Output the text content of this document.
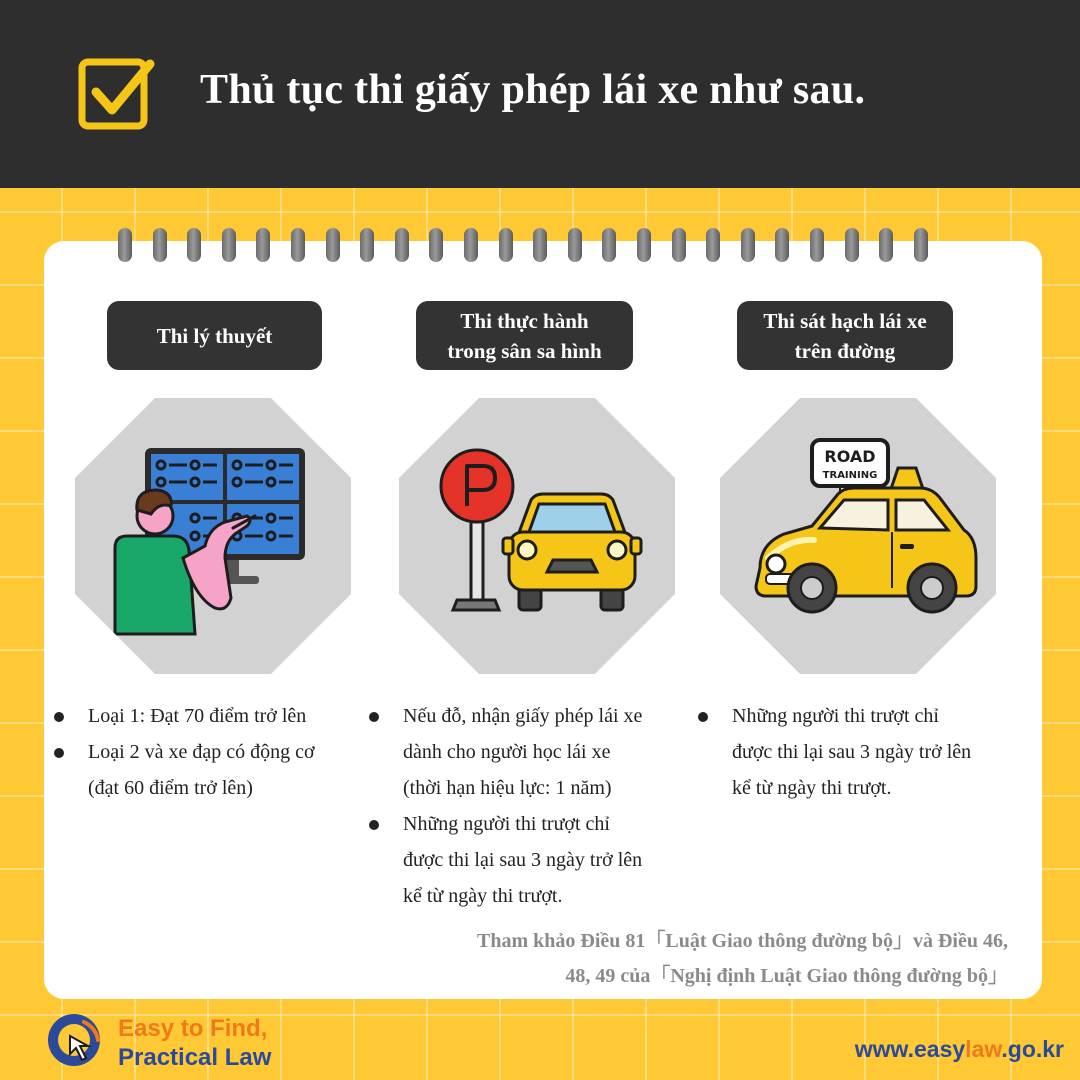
Thủ tục thi giấy phép lái xe như sau.
Thi lý thuyết
Loại 1: Đạt 70 điểm trở lên
Loại 2 và xe đạp có động cơ
(đạt 60 điểm trở lên)
Thi thực hành
trong sân sa hình
Nếu đỗ, nhận giấy phép lái xe
dành cho người học lái xe
(thời hạn hiệu lực: 1 năm)
Những người thi trượt chỉ
được thi lại sau 3 ngày trở lên
kể từ ngày thi trượt.
Thi sát hạch lái xe
trên đường
ROAD
TRAINING
Những người thi trượt chỉ
được thi lại sau 3 ngày trở lên
kể từ ngày thi trượt.
Tham khảo Điều 81「Luật Giao thông đường bộ」và Điều 46,
48, 49 của「Nghị định Luật Giao thông đường bộ」
Easy to Find,
Practical Law	www.easylaw.go.kr
